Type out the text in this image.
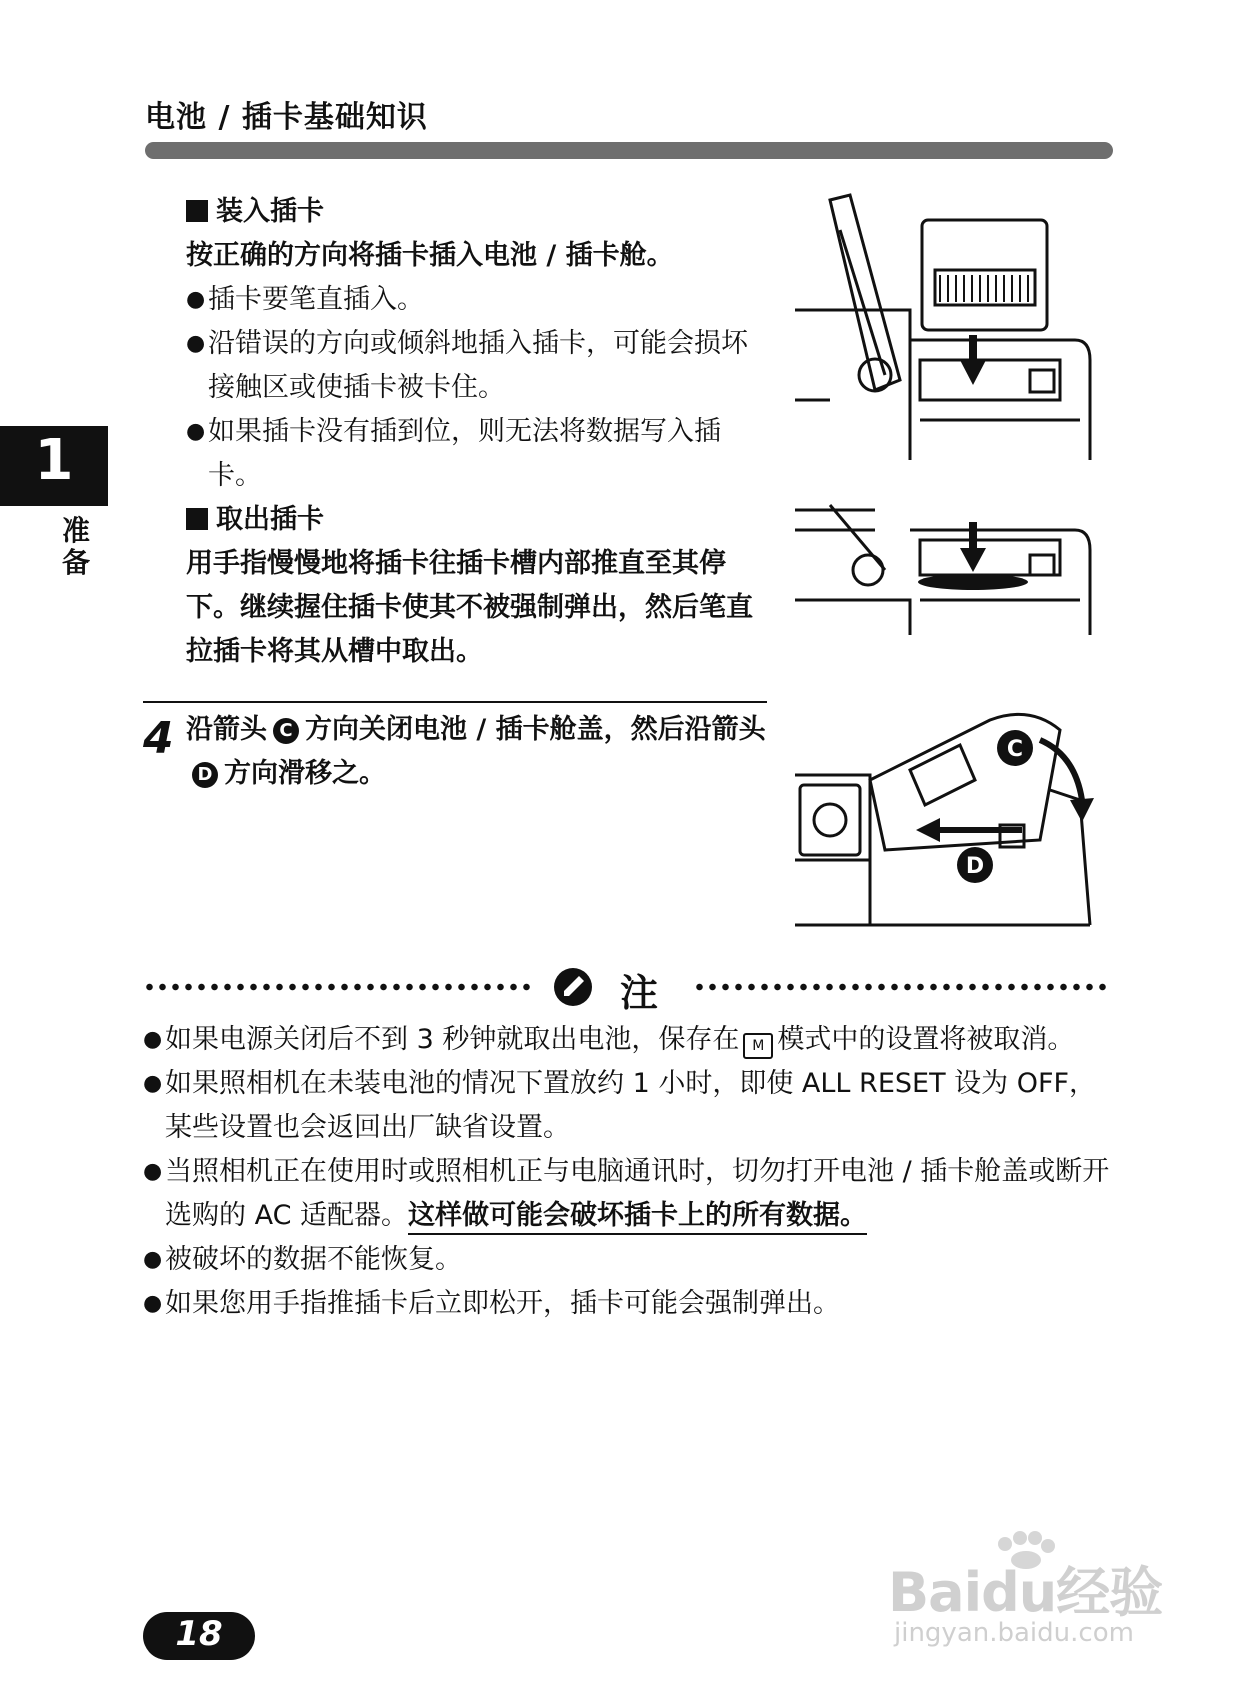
电池 / 插卡基础知识
1
准备
装入插卡
按正确的方向将插卡插入电池 / 插卡舱。
● 插卡要笔直插入。
● 沿错误的方向或倾斜地插入插卡，可能会损坏接触区或使插卡被卡住。
● 如果插卡没有插到位，则无法将数据写入插卡。
取出插卡
用手指慢慢地将插卡往插卡槽内部推直至其停下。继续握住插卡使其不被强制弹出，然后笔直拉插卡将其从槽中取出。
4 沿箭头 C 方向关闭电池 / 插卡舱盖，然后沿箭头D 方向滑移之。
C
D
注
● 如果电源关闭后不到 3 秒钟就取出电池，保存在 M 模式中的设置将被取消。
● 如果照相机在未装电池的情况下置放约 1 小时，即使 ALL RESET 设为 OFF，某些设置也会返回出厂缺省设置。
● 当照相机正在使用时或照相机正与电脑通讯时，切勿打开电池 / 插卡舱盖或断开选购的 AC 适配器。这样做可能会破坏插卡上的所有数据。
● 被破坏的数据不能恢复。
● 如果您用手指推插卡后立即松开，插卡可能会强制弹出。
Baidu经验
jingyan.baidu.com
18
